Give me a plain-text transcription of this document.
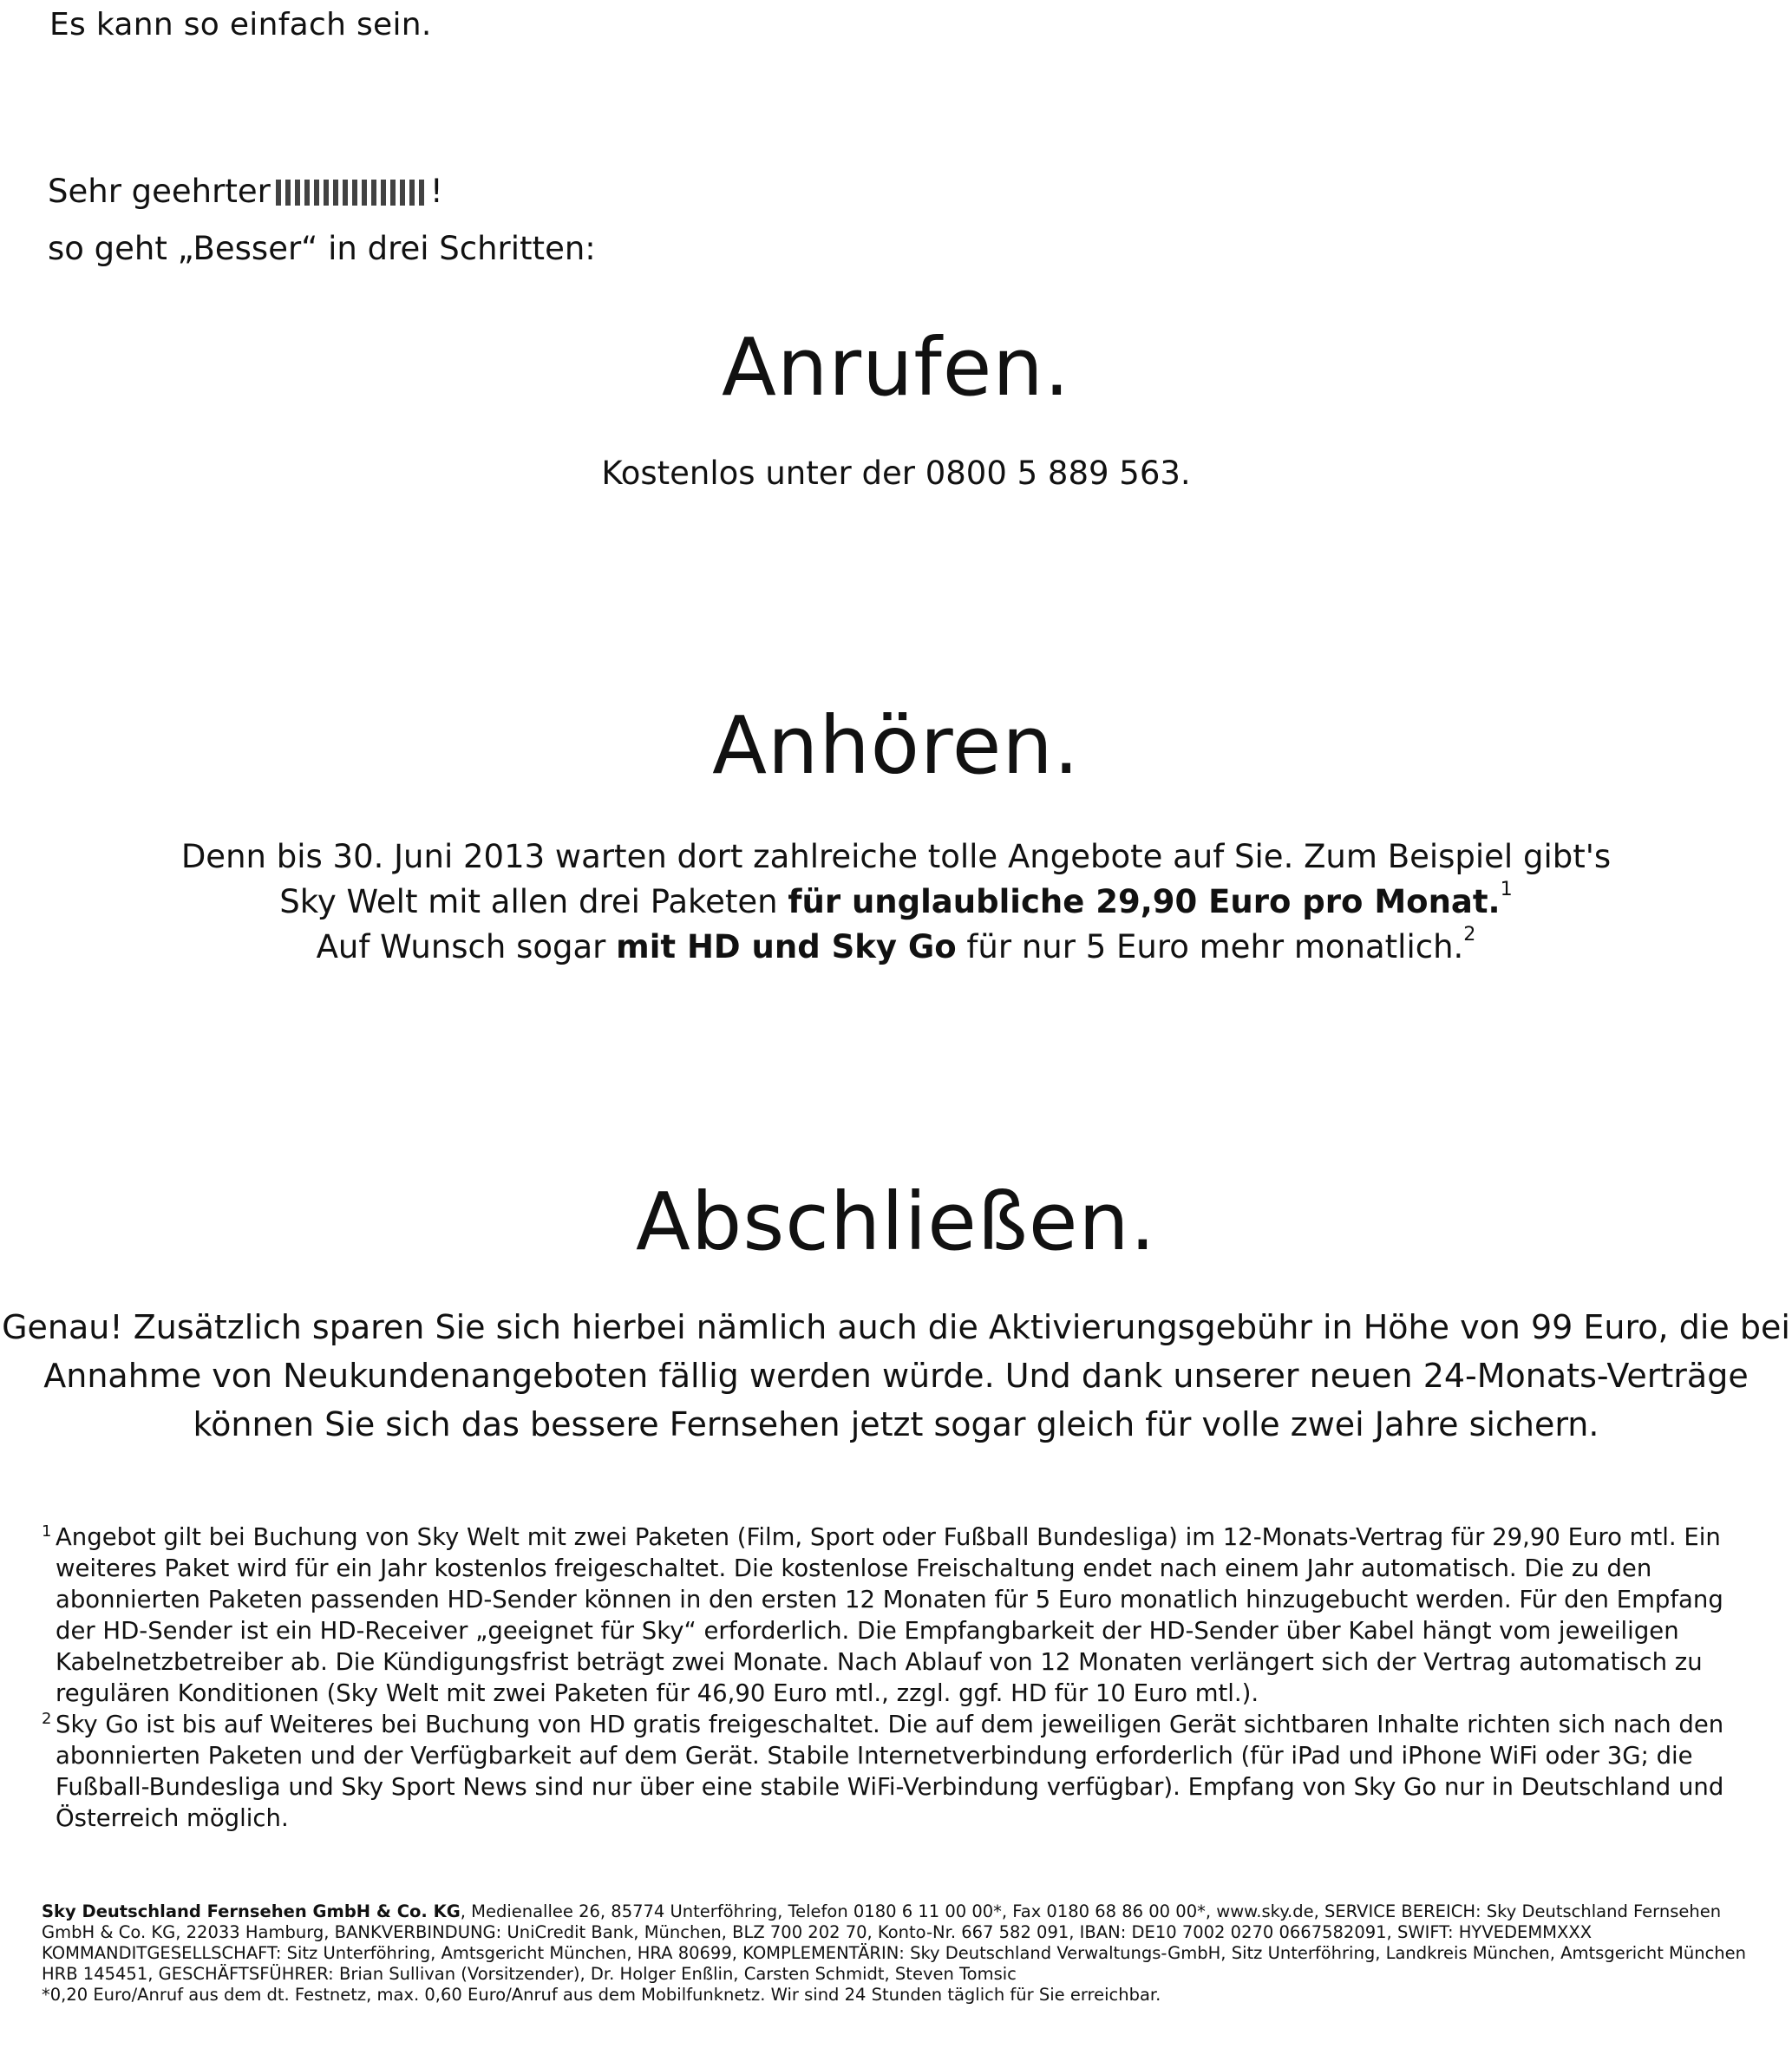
Es kann so einfach sein.
Sehr geehrter	!
so geht „Besser“ in drei Schritten:
Anrufen.
Kostenlos unter der 0800 5 889 563.
Anhören.
Denn bis 30. Juni 2013 warten dort zahlreiche tolle Angebote auf Sie. Zum Beispiel gibt's
Sky Welt mit allen drei Paketen für unglaubliche 29,90 Euro pro Monat.$^1$
Auf Wunsch sogar mit HD und Sky Go für nur 5 Euro mehr monatlich.$^2$
Abschließen.
Genau! Zusätzlich sparen Sie sich hierbei nämlich auch die Aktivierungsgebühr in Höhe von 99 Euro, die bei
Annahme von Neukundenangeboten fällig werden würde. Und dank unserer neuen 24-Monats-Verträge
können Sie sich das bessere Fernsehen jetzt sogar gleich für volle zwei Jahre sichern.
1 Angebot gilt bei Buchung von Sky Welt mit zwei Paketen (Film, Sport oder Fußball Bundesliga) im 12-Monats-Vertrag für 29,90 Euro mtl. Ein weiteres Paket wird für ein Jahr kostenlos freigeschaltet. Die kostenlose Freischaltung endet nach einem Jahr automatisch. Die zu den abonnierten Paketen passenden HD-Sender können in den ersten 12 Monaten für 5 Euro monatlich hinzugebucht werden. Für den Empfang der HD-Sender ist ein HD-Receiver „geeignet für Sky“ erforderlich. Die Empfangbarkeit der HD-Sender über Kabel hängt vom jeweiligen Kabelnetzbetreiber ab. Die Kündigungsfrist beträgt zwei Monate. Nach Ablauf von 12 Monaten verlängert sich der Vertrag automatisch zu regulären Konditionen (Sky Welt mit zwei Paketen für 46,90 Euro mtl., zzgl. ggf. HD für 10 Euro mtl.).
2 Sky Go ist bis auf Weiteres bei Buchung von HD gratis freigeschaltet. Die auf dem jeweiligen Gerät sichtbaren Inhalte richten sich nach den abonnierten Paketen und der Verfügbarkeit auf dem Gerät. Stabile Internetverbindung erforderlich (für iPad und iPhone WiFi oder 3G; die Fußball-Bundesliga und Sky Sport News sind nur über eine stabile WiFi-Verbindung verfügbar). Empfang von Sky Go nur in Deutschland und Österreich möglich.
Sky Deutschland Fernsehen GmbH & Co. KG, Medienallee 26, 85774 Unterföhring, Telefon 0180 6 11 00 00*, Fax 0180 68 86 00 00*, www.sky.de, SERVICE BEREICH: Sky Deutschland Fernsehen GmbH & Co. KG, 22033 Hamburg, BANKVERBINDUNG: UniCredit Bank, München, BLZ 700 202 70, Konto-Nr. 667 582 091, IBAN: DE10 7002 0270 0667582091, SWIFT: HYVEDEMMXXX KOMMANDITGESELLSCHAFT: Sitz Unterföhring, Amtsgericht München, HRA 80699, KOMPLEMENTÄRIN: Sky Deutschland Verwaltungs-GmbH, Sitz Unterföhring, Landkreis München, Amtsgericht München HRB 145451, GESCHÄFTSFÜHRER: Brian Sullivan (Vorsitzender), Dr. Holger Enßlin, Carsten Schmidt, Steven Tomsic
*0,20 Euro/Anruf aus dem dt. Festnetz, max. 0,60 Euro/Anruf aus dem Mobilfunknetz. Wir sind 24 Stunden täglich für Sie erreichbar.
